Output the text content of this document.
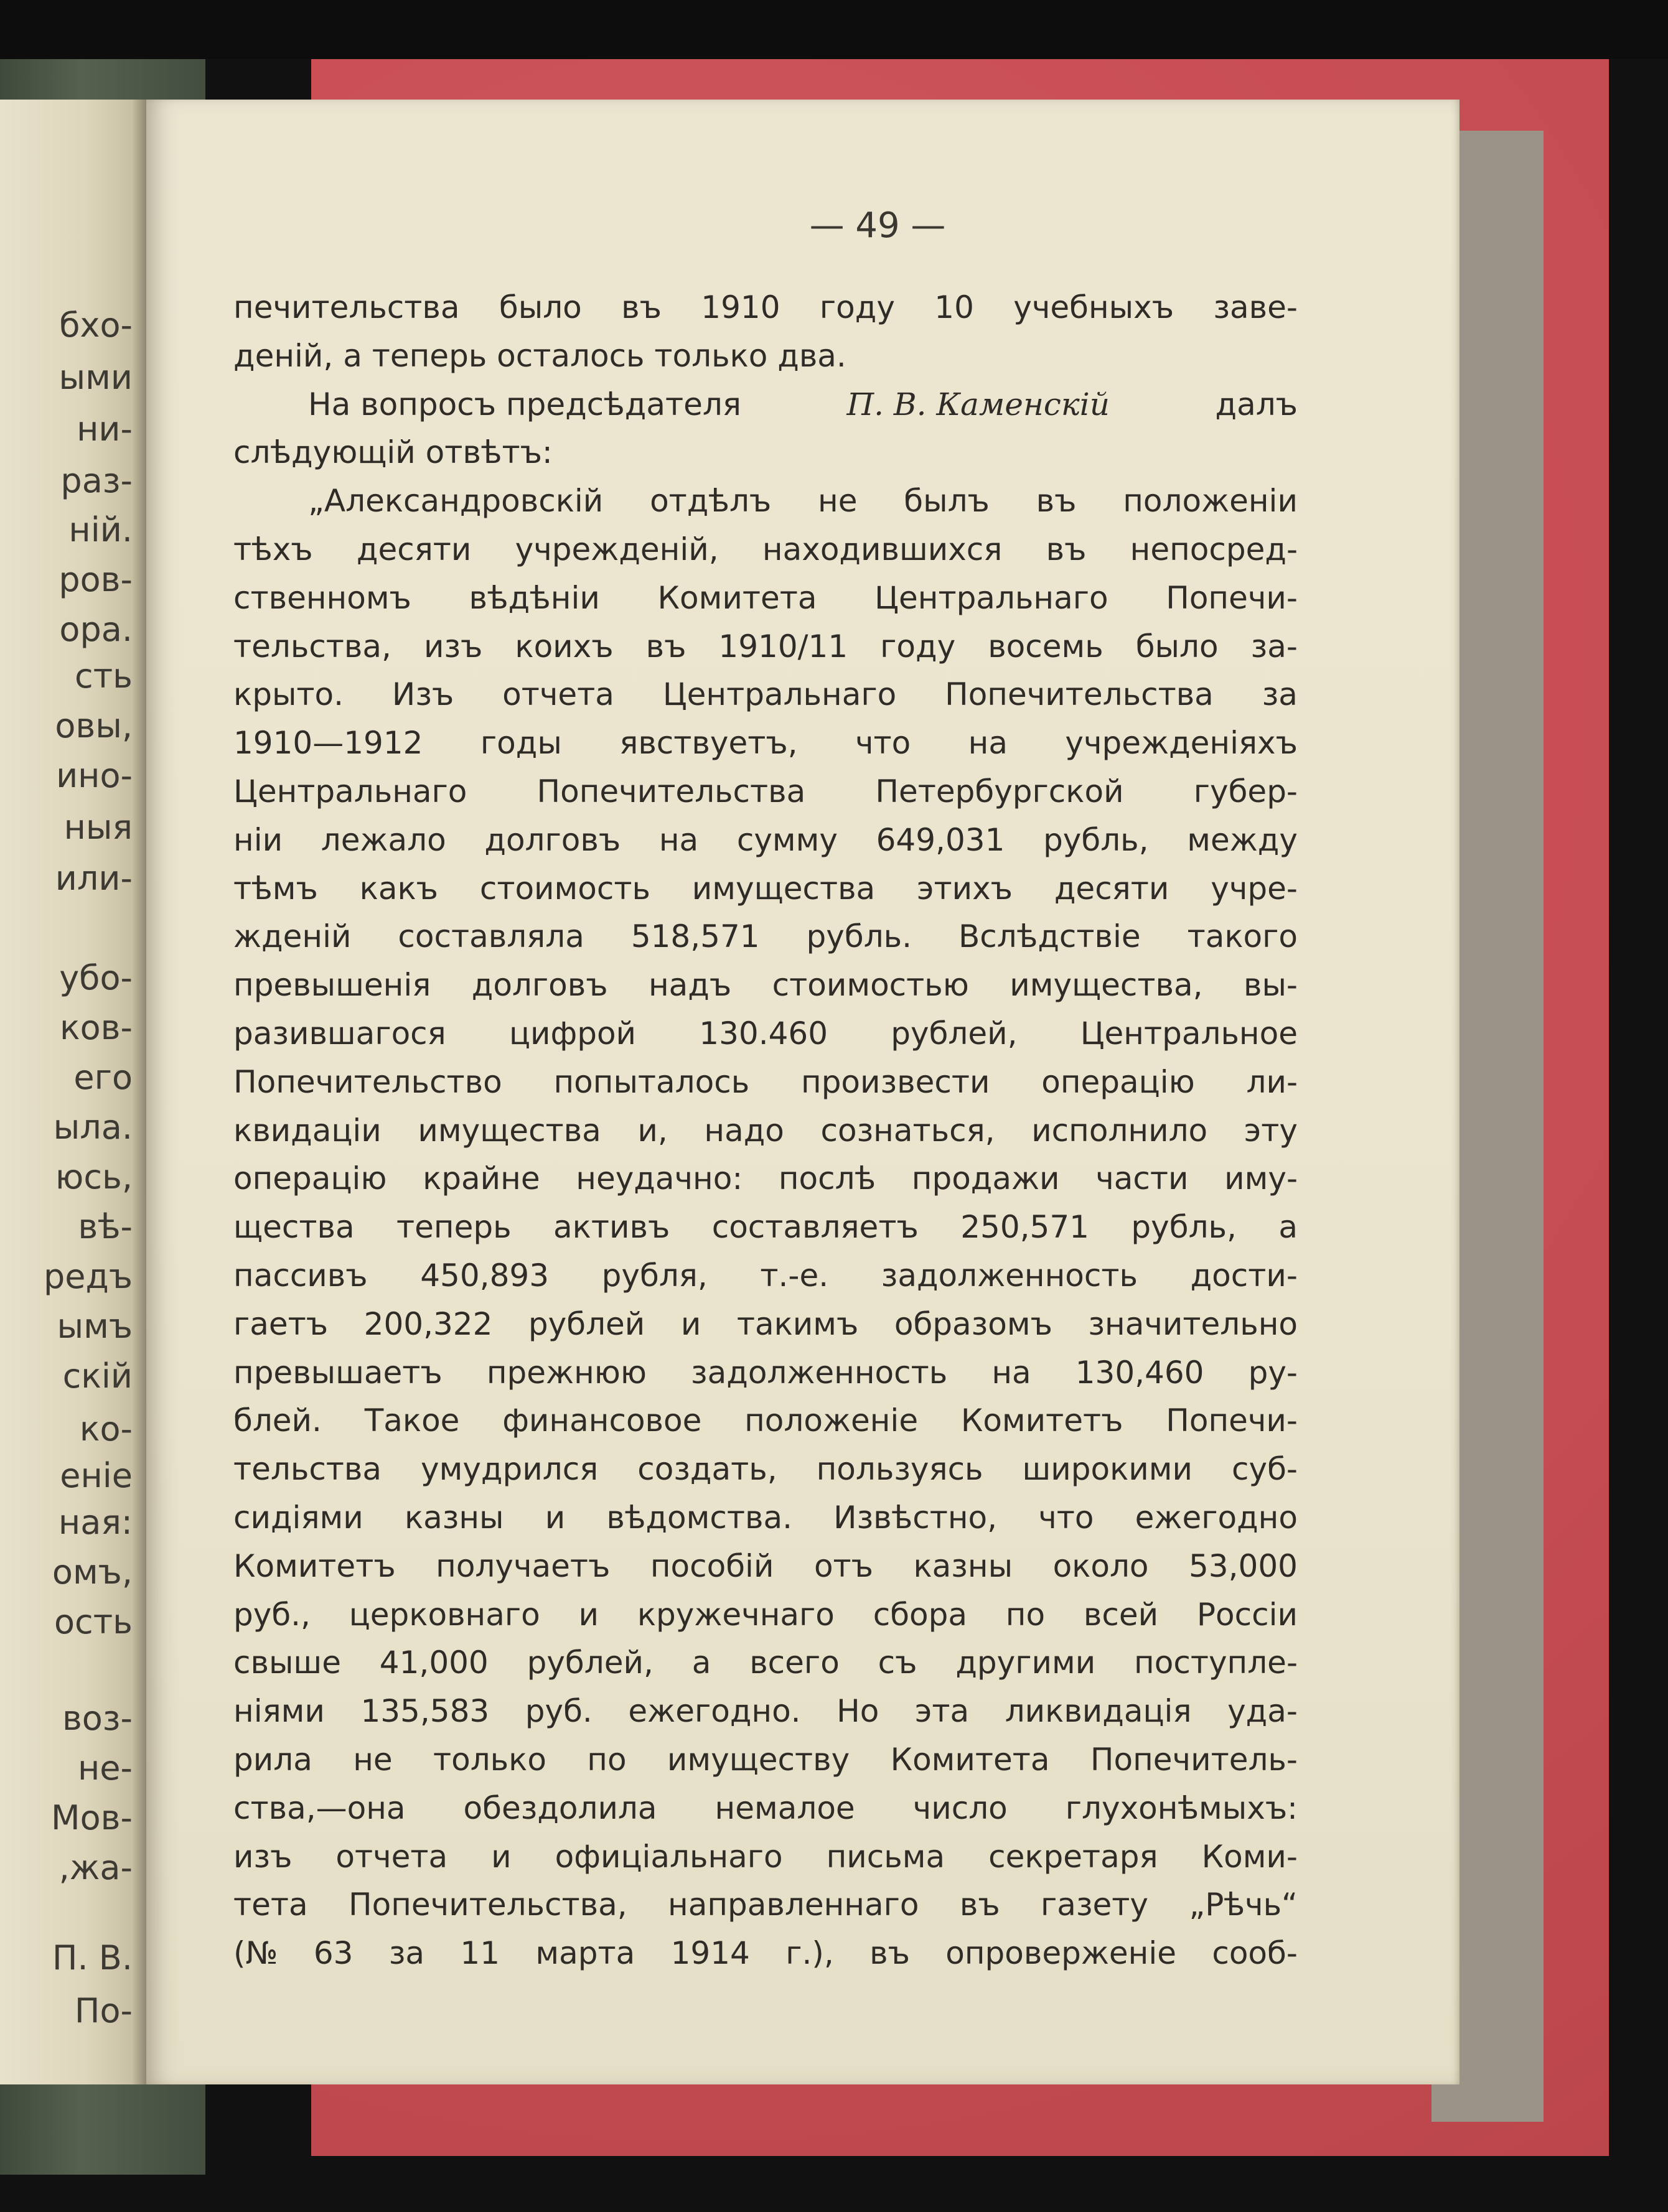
бхо-
ыми
ни-
раз-
ній.
ров-
ора.
сть
овы,
ино-
ныя
или-
убо-
ков-
его
ыла.
юсь,
вѣ-
редъ
ымъ
скій
ко-
еніе
ная:
омъ,
ость
воз-
не-
Мов-
,жа-
П. В.
По-
— 49 —
печительства было въ 1910 году 10 учебныхъ заве-
деній, а теперь осталось только два.
На вопросъ предсѣдателя	П. В. Каменскій	далъ
слѣдующій отвѣтъ:
„Александровскій отдѣлъ не былъ въ положеніи
тѣхъ десяти учрежденій, находившихся въ непосред-
ственномъ вѣдѣніи Комитета Центральнаго Попечи-
тельства, изъ коихъ въ 1910/11 году восемь было за-
крыто. Изъ отчета Центральнаго Попечительства за
1910—1912 годы явствуетъ, что на учрежденіяхъ
Центральнаго Попечительства Петербургской губер-
ніи лежало долговъ на сумму 649,031 рубль, между
тѣмъ какъ стоимость имущества этихъ десяти учре-
жденій составляла 518,571 рубль. Вслѣдствіе такого
превышенія долговъ надъ стоимостью имущества, вы-
разившагося цифрой 130.460 рублей, Центральное
Попечительство попыталось произвести операцію ли-
квидаціи имущества и, надо сознаться, исполнило эту
операцію крайне неудачно: послѣ продажи части иму-
щества теперь активъ составляетъ 250,571 рубль, а
пассивъ 450,893 рубля, т.-е. задолженность дости-
гаетъ 200,322 рублей и такимъ образомъ значительно
превышаетъ прежнюю задолженность на 130,460 ру-
блей. Такое финансовое положеніе Комитетъ Попечи-
тельства умудрился создать, пользуясь широкими суб-
сидіями казны и вѣдомства. Извѣстно, что ежегодно
Комитетъ получаетъ пособій отъ казны около 53,000
руб., церковнаго и кружечнаго сбора по всей Россіи
свыше 41,000 рублей, а всего съ другими поступле-
ніями 135,583 руб. ежегодно. Но эта ликвидація уда-
рила не только по имуществу Комитета Попечитель-
ства,—она обездолила немалое число глухонѣмыхъ:
изъ отчета и офиціальнаго письма секретаря Коми-
тета Попечительства, направленнаго въ газету „Рѣчь“
(№ 63 за 11 марта 1914 г.), въ опроверженіе сооб-
